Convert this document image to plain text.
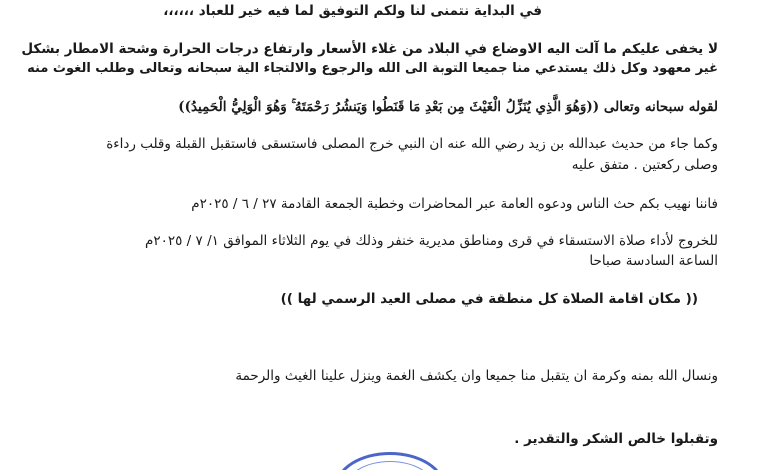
في البداية نتمنى لنا ولكم التوفيق لما فيه خير للعباد ،،،،،،
لا يخفى عليكم ما آلت اليه الاوضاع في البلاد من غلاء الأسعار وارتفاع درجات الحرارة وشحة الامطار بشكل
غير معهود وكل ذلك يستدعي منا جميعا التوبة الى الله والرجوع والالتجاء الية سبحانه وتعالى وطلب الغوث منه
لقوله سبحانه وتعالى ((وَهُوَ الَّذِي يُنَزِّلُ الْغَيْثَ مِن بَعْدِ مَا قَنَطُوا وَيَنشُرُ رَحْمَتَهُ ۚ وَهُوَ الْوَلِيُّ الْحَمِيدُ))
وكما جاء من حديث عبدالله بن زيد رضي الله عنه ان النبي خرج المصلى فاستسقى فاستقبل القبلة وقلب رداءة
وصلى ركعتين . متفق عليه
فاننا نهيب بكم حث الناس ودعوه العامة عبر المحاضرات وخطبة الجمعة القادمة ٢٧ / ٦ / ٢٠٢٥م
للخروج لأداء صلاة الاستسقاء في قرى ومناطق مديرية خنفر وذلك في يوم الثلاثاء الموافق ١/ ٧ / ٢٠٢٥م
الساعة السادسة صباحا
(( مكان اقامة الصلاة كل منطقة في مصلى العيد الرسمي لها ))
ونسال الله بمنه وكرمة ان يتقبل منا جميعا وان يكشف الغمة وينزل علينا الغيث والرحمة
وتقبلوا خالص الشكر والتقدير .
